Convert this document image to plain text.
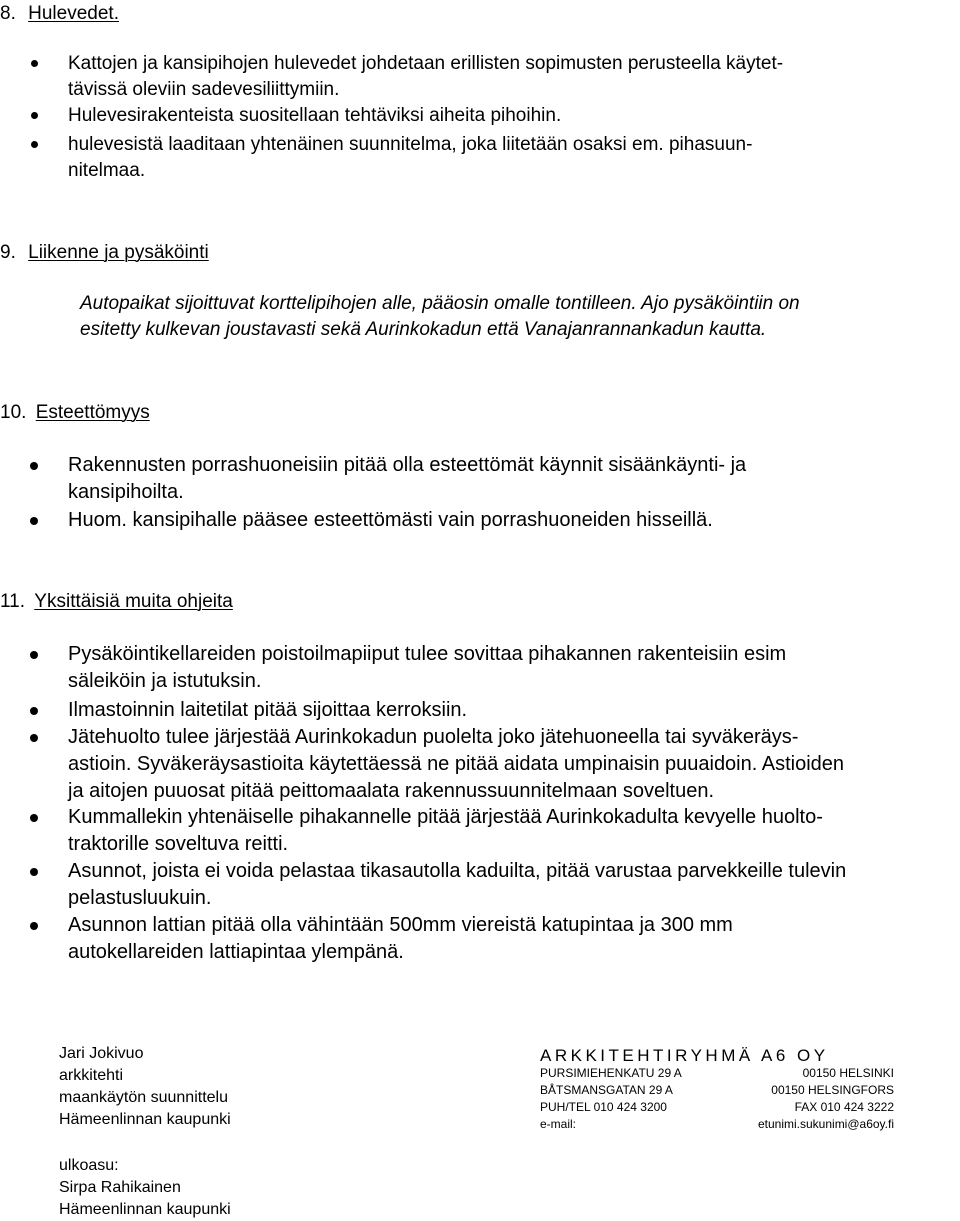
8. Hulevedet.
Kattojen ja kansipihojen hulevedet johdetaan erillisten sopimusten perusteella käytet-
tävissä oleviin sadevesiliittymiin.
Hulevesirakenteista suositellaan tehtäviksi aiheita pihoihin.
hulevesistä laaditaan yhtenäinen suunnitelma, joka liitetään osaksi em. pihasuun-
nitelmaa.
9. Liikenne ja pysäköinti
Autopaikat sijoittuvat korttelipihojen alle, pääosin omalle tontilleen. Ajo pysäköintiin on
esitetty kulkevan joustavasti sekä Aurinkokadun että Vanajanrannankadun kautta.
10. Esteettömyys
Rakennusten porrashuoneisiin pitää olla esteettömät käynnit sisäänkäynti- ja
kansipihoilta.
Huom. kansipihalle pääsee esteettömästi vain porrashuoneiden hisseillä.
11. Yksittäisiä muita ohjeita
Pysäköintikellareiden poistoilmapiiput tulee sovittaa pihakannen rakenteisiin esim
säleiköin ja istutuksin.
Ilmastoinnin laitetilat pitää sijoittaa kerroksiin.
Jätehuolto tulee järjestää Aurinkokadun puolelta joko jätehuoneella tai syväkeräys-
astioin. Syväkeräysastioita käytettäessä ne pitää aidata umpinaisin puuaidoin. Astioiden
ja aitojen puuosat pitää peittomaalata rakennussuunnitelmaan soveltuen.
Kummallekin yhtenäiselle pihakannelle pitää järjestää Aurinkokadulta kevyelle huolto-
traktorille soveltuva reitti.
Asunnot, joista ei voida pelastaa tikasautolla kaduilta, pitää varustaa parvekkeille tulevin
pelastusluukuin.
Asunnon lattian pitää olla vähintään 500mm viereistä katupintaa ja 300 mm
autokellareiden lattiapintaa ylempänä.
Jari Jokivuo
arkkitehti
maankäytön suunnittelu
Hämeenlinnan kaupunki
ARKKITEHTIRYHMÄ A6 OY
PURSIMIEHENKATU 29 A	00150 HELSINKI
BÅTSMANSGATAN 29 A	00150 HELSINGFORS
PUH/TEL 010 424 3200	FAX 010 424 3222
e-mail:	etunimi.sukunimi@a6oy.fi
ulkoasu:
Sirpa Rahikainen
Hämeenlinnan kaupunki
